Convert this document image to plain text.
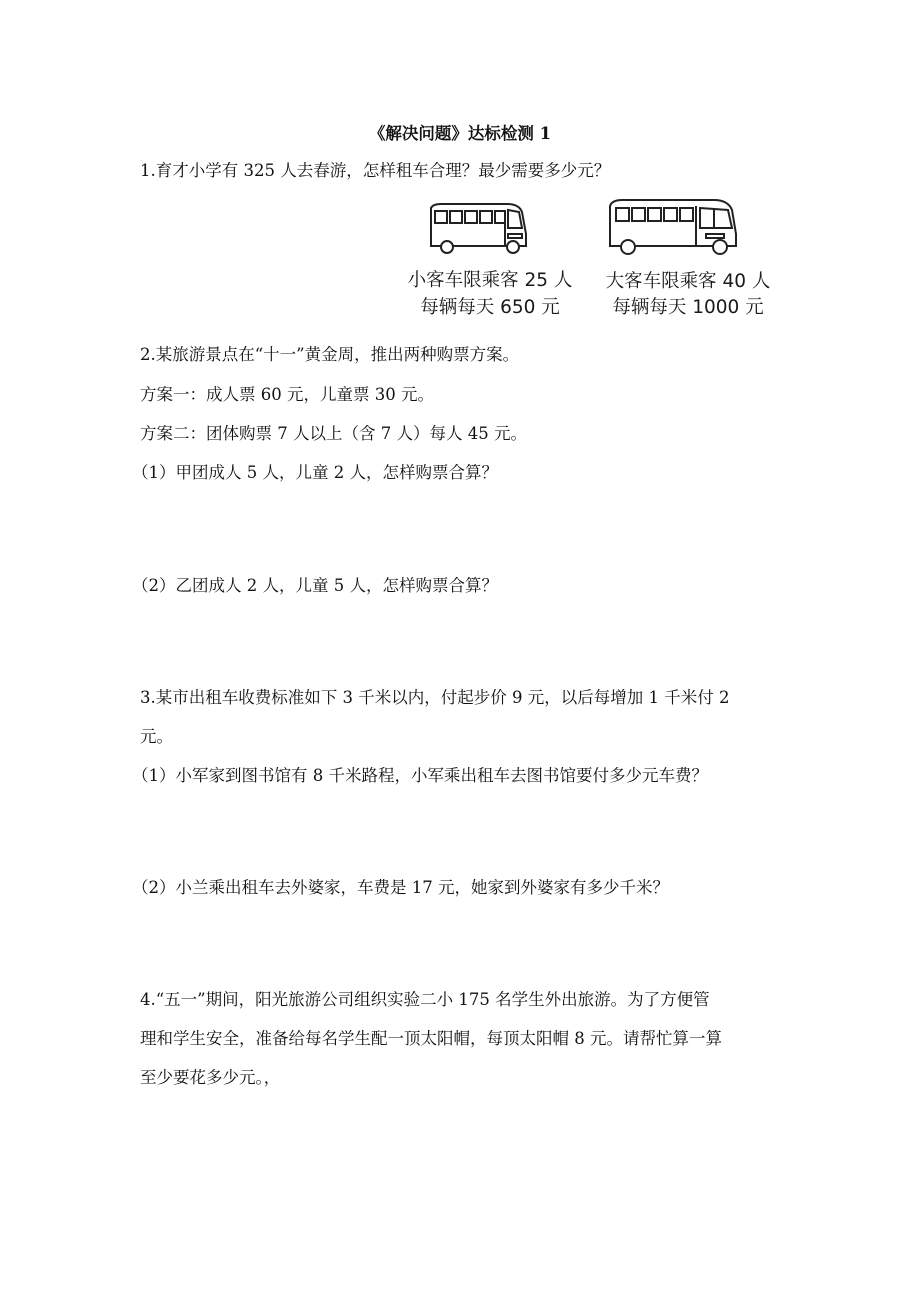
《解决问题》达标检测 1
1.育才小学有 325 人去春游，怎样租车合理？最少需要多少元？
小客车限乘客 25 人
每辆每天 650 元
大客车限乘客 40 人
每辆每天 1000 元
2.某旅游景点在“十一”黄金周，推出两种购票方案。
方案一：成人票 60 元，儿童票 30 元。
方案二：团体购票 7 人以上（含 7 人）每人 45 元。
（1）甲团成人 5 人，儿童 2 人，怎样购票合算？
（2）乙团成人 2 人，儿童 5 人，怎样购票合算？
3.某市出租车收费标准如下 3 千米以内，付起步价 9 元，以后每增加 1 千米付 2
元。
（1）小军家到图书馆有 8 千米路程，小军乘出租车去图书馆要付多少元车费？
（2）小兰乘出租车去外婆家，车费是 17 元，她家到外婆家有多少千米？
4.“五一”期间，阳光旅游公司组织实验二小 175 名学生外出旅游。为了方便管
理和学生安全，准备给每名学生配一顶太阳帽，每顶太阳帽 8 元。请帮忙算一算
至少要花多少元。，
